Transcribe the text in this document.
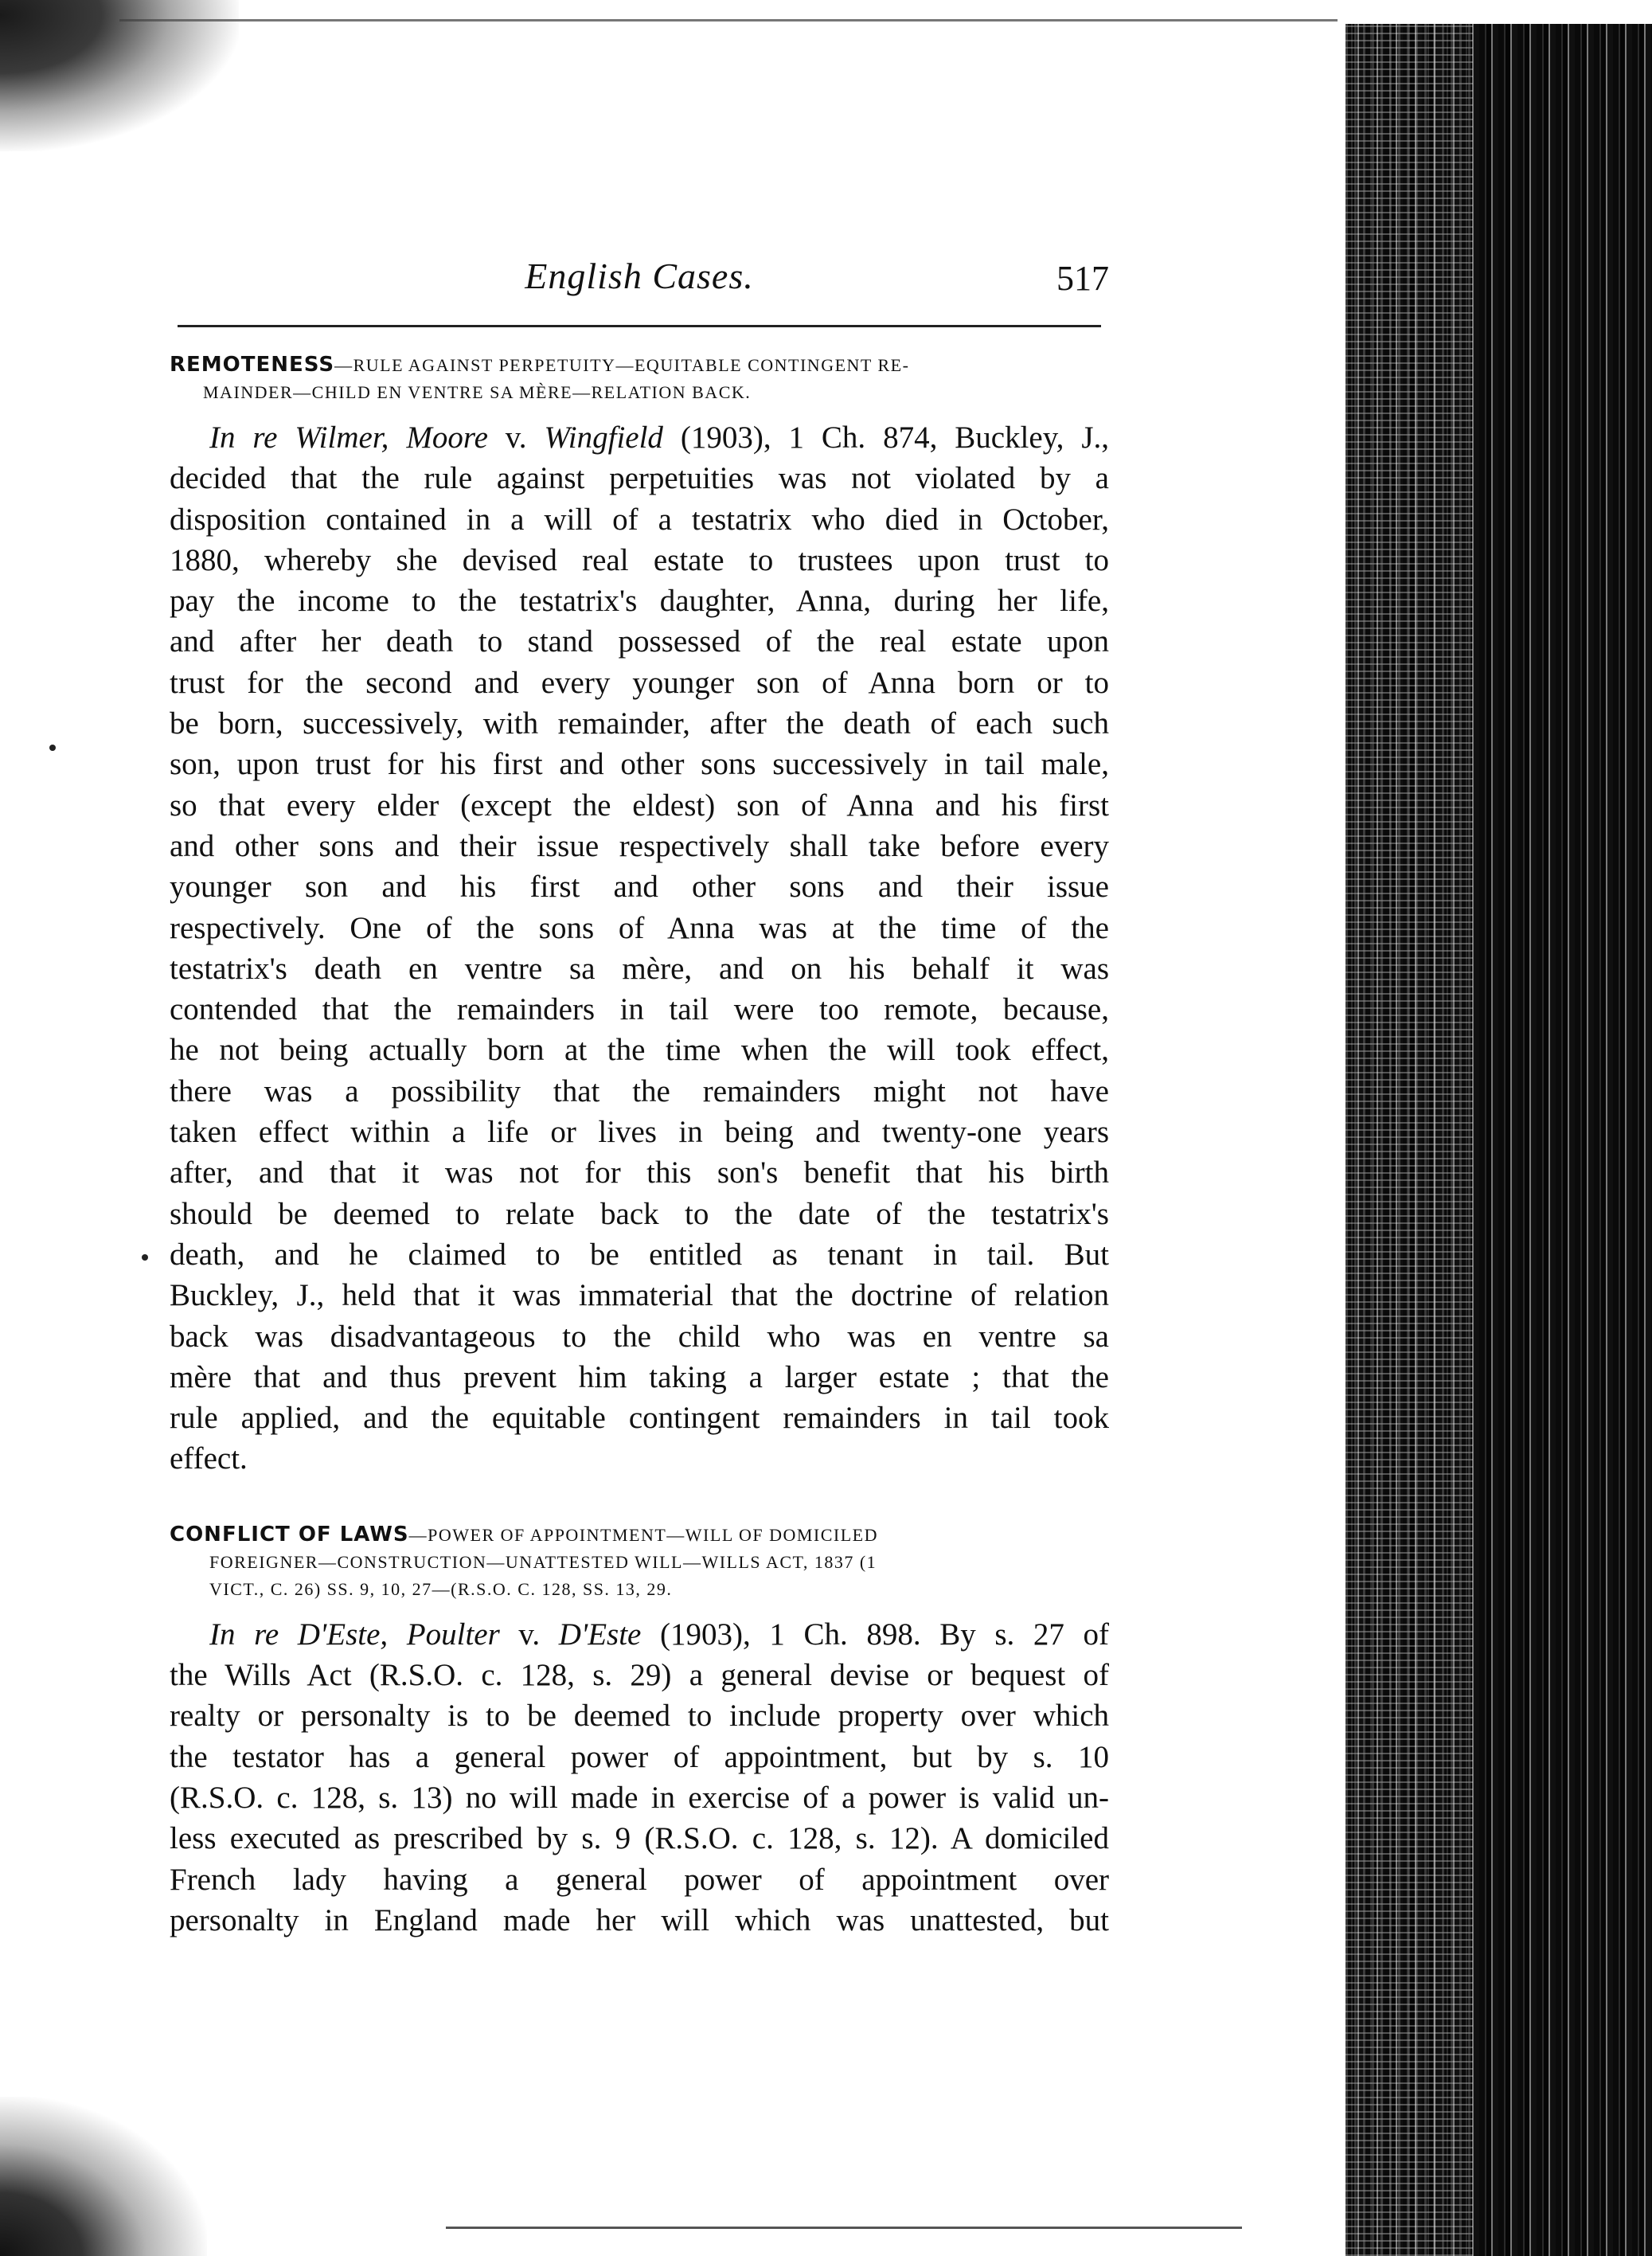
English Cases.	517
REMOTENESS—RULE AGAINST PERPETUITY—EQUITABLE CONTINGENT RE-
MAINDER—CHILD EN VENTRE SA MÈRE—RELATION BACK.
In re Wilmer, Moore v. Wingfield (1903), 1 Ch. 874, Buckley, J.,
decided that the rule against perpetuities was not violated by a
disposition contained in a will of a testatrix who died in October,
1880, whereby she devised real estate to trustees upon trust to
pay the income to the testatrix's daughter, Anna, during her life,
and after her death to stand possessed of the real estate upon
trust for the second and every younger son of Anna born or to
be born, successively, with remainder, after the death of each such
son, upon trust for his first and other sons successively in tail male,
so that every elder (except the eldest) son of Anna and his first
and other sons and their issue respectively shall take before every
younger son and his first and other sons and their issue
respectively. One of the sons of Anna was at the time of the
testatrix's death en ventre sa mère, and on his behalf it was
contended that the remainders in tail were too remote, because,
he not being actually born at the time when the will took effect,
there was a possibility that the remainders might not have
taken effect within a life or lives in being and twenty-one years
after, and that it was not for this son's benefit that his birth
should be deemed to relate back to the date of the testatrix's
death, and he claimed to be entitled as tenant in tail. But
Buckley, J., held that it was immaterial that the doctrine of relation
back was disadvantageous to the child who was en ventre sa
mère that and thus prevent him taking a larger estate ; that the
rule applied, and the equitable contingent remainders in tail took
effect.
CONFLICT OF LAWS—POWER OF APPOINTMENT—WILL OF DOMICILED
FOREIGNER—CONSTRUCTION—UNATTESTED WILL—WILLS ACT, 1837 (1
VICT., C. 26) SS. 9, 10, 27—(R.S.O. C. 128, SS. 13, 29.
In re D'Este, Poulter v. D'Este (1903), 1 Ch. 898. By s. 27 of
the Wills Act (R.S.O. c. 128, s. 29) a general devise or bequest of
realty or personalty is to be deemed to include property over which
the testator has a general power of appointment, but by s. 10
(R.S.O. c. 128, s. 13) no will made in exercise of a power is valid un-
less executed as prescribed by s. 9 (R.S.O. c. 128, s. 12). A domiciled
French lady having a general power of appointment over
personalty in England made her will which was unattested, but
